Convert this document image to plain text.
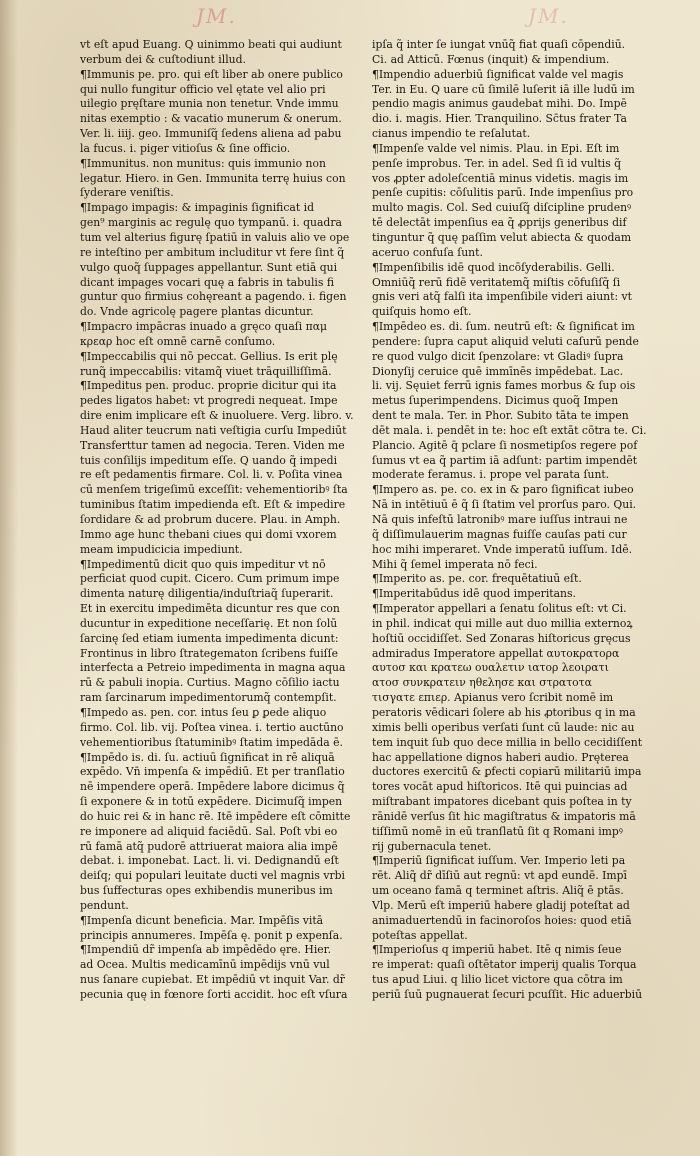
JM.	JM.
vt eſt apud Euang. Q uinimmo beati qui audiunt
verbum dei & cuſtodiunt illud.
¶Immunis pe. pro. qui eſt liber ab onere publico
qui nullo fungitur officio vel ętate vel alio pri
uilegio pręſtare munia non tenetur. Vnde immu
nitas exemptio : & vacatio munerum & onerum.
Ver. li. iiij. geo. Immuniſq̃ ſedens aliena ad pabu
la fucus. i. piger vitioſus & ſine officio.
¶Immunitus. non munitus: quis immunio non
legatur. Hiero. in Gen. Immunita terrę huius con
ſyderare veniſtis.
¶Impago impagis: & impaginis ſignificat id
gen⁹ marginis ac regulę quo tympanū. i. quadra
tum vel alterius figurę ſpatiū in valuis alio ve ope
re inteſtino per ambitum includitur vt fere ſint q̃
vulgo quoq̃ ſuppages appellantur. Sunt etiā qui
dicant impages vocari quę a fabris in tabulis fi
guntur quo firmius cohęreant a pagendo. i. figen
do. Vnde agricolę pagere plantas dicuntur.
¶Impacro impācras inuado a gręco quaſi παμ
κρεαρ hoc eſt omnē carnē conſumo.
¶Impeccabilis qui nō peccat. Gellius. Is erit plę
runq̃ impeccabilis: vitamq̃ viuet trāquilliſſimā.
¶Impeditus pen. produc. proprie dicitur qui ita
pedes ligatos habet: vt progredi nequeat. Impe
dire enim implicare eſt & inuoluere. Verg. libro. v.
Haud aliter teucrum nati veſtigia curſu Impediūt
Transferttur tamen ad negocia. Teren. Viden me
tuis conſilijs impeditum eſſe. Q uando q̃ impedi
re eſt pedamentis firmare. Col. li. v. Poſita vinea
cū menſem trigeſimū exceſſit: vehementioribꝰ ſta
tuminibus ſtatim impedienda eſt. Eſt & impedire
ſordidare & ad probrum ducere. Plau. in Amph.
Immo age hunc thebani ciues qui domi vxorem
meam impudicicia impediunt.
¶Impedimentū dicit̃ quo quis impeditur vt nō
perficiat quod cupit. Cicero. Cum primum impe
dimenta naturę diligentia/induſtriaq̃ ſuperarit.
Et in exercitu impedimēta dicuntur res que con
ducuntur in expeditione neceſſarię. Et non ſolū
ſarcinę ſed etiam iumenta impedimenta dicunt̃:
Frontinus in libro ſtrategematon ſcribens fuiſſe
interfecta a Petreio impedimenta in magna aqua
rū & pabuli inopia. Curtius. Magno cōſilio iactu
ram ſarcinarum impedimentorumq̃ contempſit.
¶Impedo as. pen. cor. intus ſeu ꝑ ꝑede aliquo
firmo. Col. lib. vij. Poſtea vinea. i. tertio auctūno
vehementioribus ſtatuminibꝰ ſtatim impedāda ē.
¶Impēdo is. di. ſu. actiuū ſignificat in rē aliquā
expēdo. Vn̄ impenſa & impēdiū. Et per tranſlatio
nē impendere operā. Impēdere labore dicimus q̃
ſi exponere & in totū expēdere. Dicimuſq̃ impen
do huic rei & in hanc rē. Itē impēdere eſt cōmitte
re imponere ad aliquid faciēdū. Sal. Poſt vbi eo
rū famā atq̃ pudorē attriuerat maiora alia impē
debat. i. imponebat. Lact. li. vi. Dedignandū eſt
deiſq; qui populari leuitate ducti vel magnis vrbi
bus ſuffecturas opes exhibendis muneribus im
pendunt.
¶Impenſa dicunt̃ beneficia. Mar. Impēſis vitā
principis annumeres. Impēſa ę. ponit̃ p expenſa.
¶Impendiū dr̃ impenſa ab impēdēdo ęre. Hier.
ad Ocea. Multis medicamīnū impēdijs vnū vul
nus ſanare cupiebat. Et impēdiū vt inquit Var. dr̃
pecunia quę in fœnore ſorti accidit. hoc eſt vſura
ipſa q̃ inter ſe iungat vnūq̃ fiat quaſi cōpendiū.
Ci. ad Atticū. Fœnus (inquit) & impendium.
¶Impendio aduerbiū ſignificat valde vel magis
Ter. in Eu. Q uare cū ſimilē luſerit iā ille ludū im
pendio magis animus gaudebat mihi. Do. Impē
dio. i. magis. Hier. Tranquilino. Sc̄tus frater Ta
cianus impendio te reſalutat.
¶Impenſe valde vel nimis. Plau. in Epi. Eſt im
penſe improbus. Ter. in adel. Sed ſi id vultis q̃
vos ꝓpter adoleſcentiā minus videtis. magis im
penſe cupitis: cōſulitis parū. Inde impenſius pro
multo magis. Col. Sed cuiuſq̃ diſcipline prudenꝰ
tē delectāt impenſius ea q̃ ꝓprijs generibus dif
tinguntur q̃ quę paſſim velut abiecta & quodam
aceruo confuſa ſunt.
¶Impenſibilis idē quod incōſyderabilis. Gelli.
Omniūq̃ rerū fidē veritatemq̃ miſtis cōfuſiſq̃ ſi
gnis veri atq̃ falſi ita impenſibile videri aiunt: vt
quiſquis homo eſt.
¶Impēdeo es. di. ſum. neutrū eſt: & ſignificat im
pendere: ſupra caput aliquid veluti caſurū pende
re quod vulgo dicit̃ ſpenzolare: vt Gladiꝰ ſupra
Dionyſij ceruice quē immīnēs impēdebat. Lac.
li. vij. Sęuiet ferrū ignis fames morbus & ſup ois
metus ſuperimpendens. Dicimus quoq̃ Impen
dent te mala. Ter. in Phor. Subito tāta te impen
dēt mala. i. pendēt in te: hoc eſt extāt cōtra te. Ci.
Plancio. Agitē q̄ pclare ſi nosmetipſos regere pof
ſumus vt ea q̃ partim iā adſunt: partim impendēt
moderate feramus. i. prope vel parata ſunt.
¶Impero as. pe. co. ex in & paro ſignificat iubeo
Nā in intētiuū ē q̃ ſi ſtatim vel prorſus paro. Qui.
Nā quis infeſtū latronibꝰ mare iuſſus intraui ne
q̃ diſſimulauerim magnas fuiſſe cauſas pati cur
hoc mihi imperaret. Vnde imperatū iuſſum. Idē.
Mihi q̃ ſemel imperata nō feci.
¶Imperito as. pe. cor. frequētatiuū eſt.
¶Imperitabūdus idē quod imperitans.
¶Imperator appellari a ſenatu ſolitus eſt: vt Ci.
in phil. indicat qui mille aut duo millia externoꝝ
hoſtiū occidiſſet. Sed Zonaras hiſtoricus gręcus
admiradus Imperatore appellat αυτοκρατορα
αυτοσ και κρατεω ουαλετιν ιατορ λεοιρατι
ατοσ συνκρατειν ηθελησε και στρατοτα
τισγατε επιερ. Apianus vero ſcribit nomē im
peratoris vēdicari ſolere ab his ꝓtoribus q in ma
ximis belli operibus verſati ſunt cū laude: nic au
tem inquit ſub quo dece millia in bello cecidiſſent
hac appellatione dignos haberi audio. Pręterea
ductores exercitū & ꝑfecti copiarū militariū impa
tores vocāt apud hiſtoricos. Itē qui puincias ad
miſtrabant impatores dicebant̃ quis poſtea in ty
rānidē verſus ſit hic magiſtratus & impatoris mā
tiſſimū nomē in eū tranſlatū ſit q Romani impꝰ
rij gubernacula tenet.
¶Imperiū ſignificat iuſſum. Ver. Imperio leti pa
rēt. Aliq̃ dr̃ dīſiū aut regnū: vt apd eundē. Impī
um oceano famā q terminet aſtris. Aliq̃ ē ptās.
Vlp. Merū eſt imperiū habere gladij poteſtat ad
animaduertendū in facinoroſos hoies: quod etiā
poteſtas appellat̃.
¶Imperioſus q imperiū habet. Itē q nimis ſeue
re imperat: quaſi oſtētator imperij qualis Torqua
tus apud Liui. q lilio licet victore qua cōtra im
periū ſuū pugnauerat ſecuri pcuſſit. Hic aduerbiū
